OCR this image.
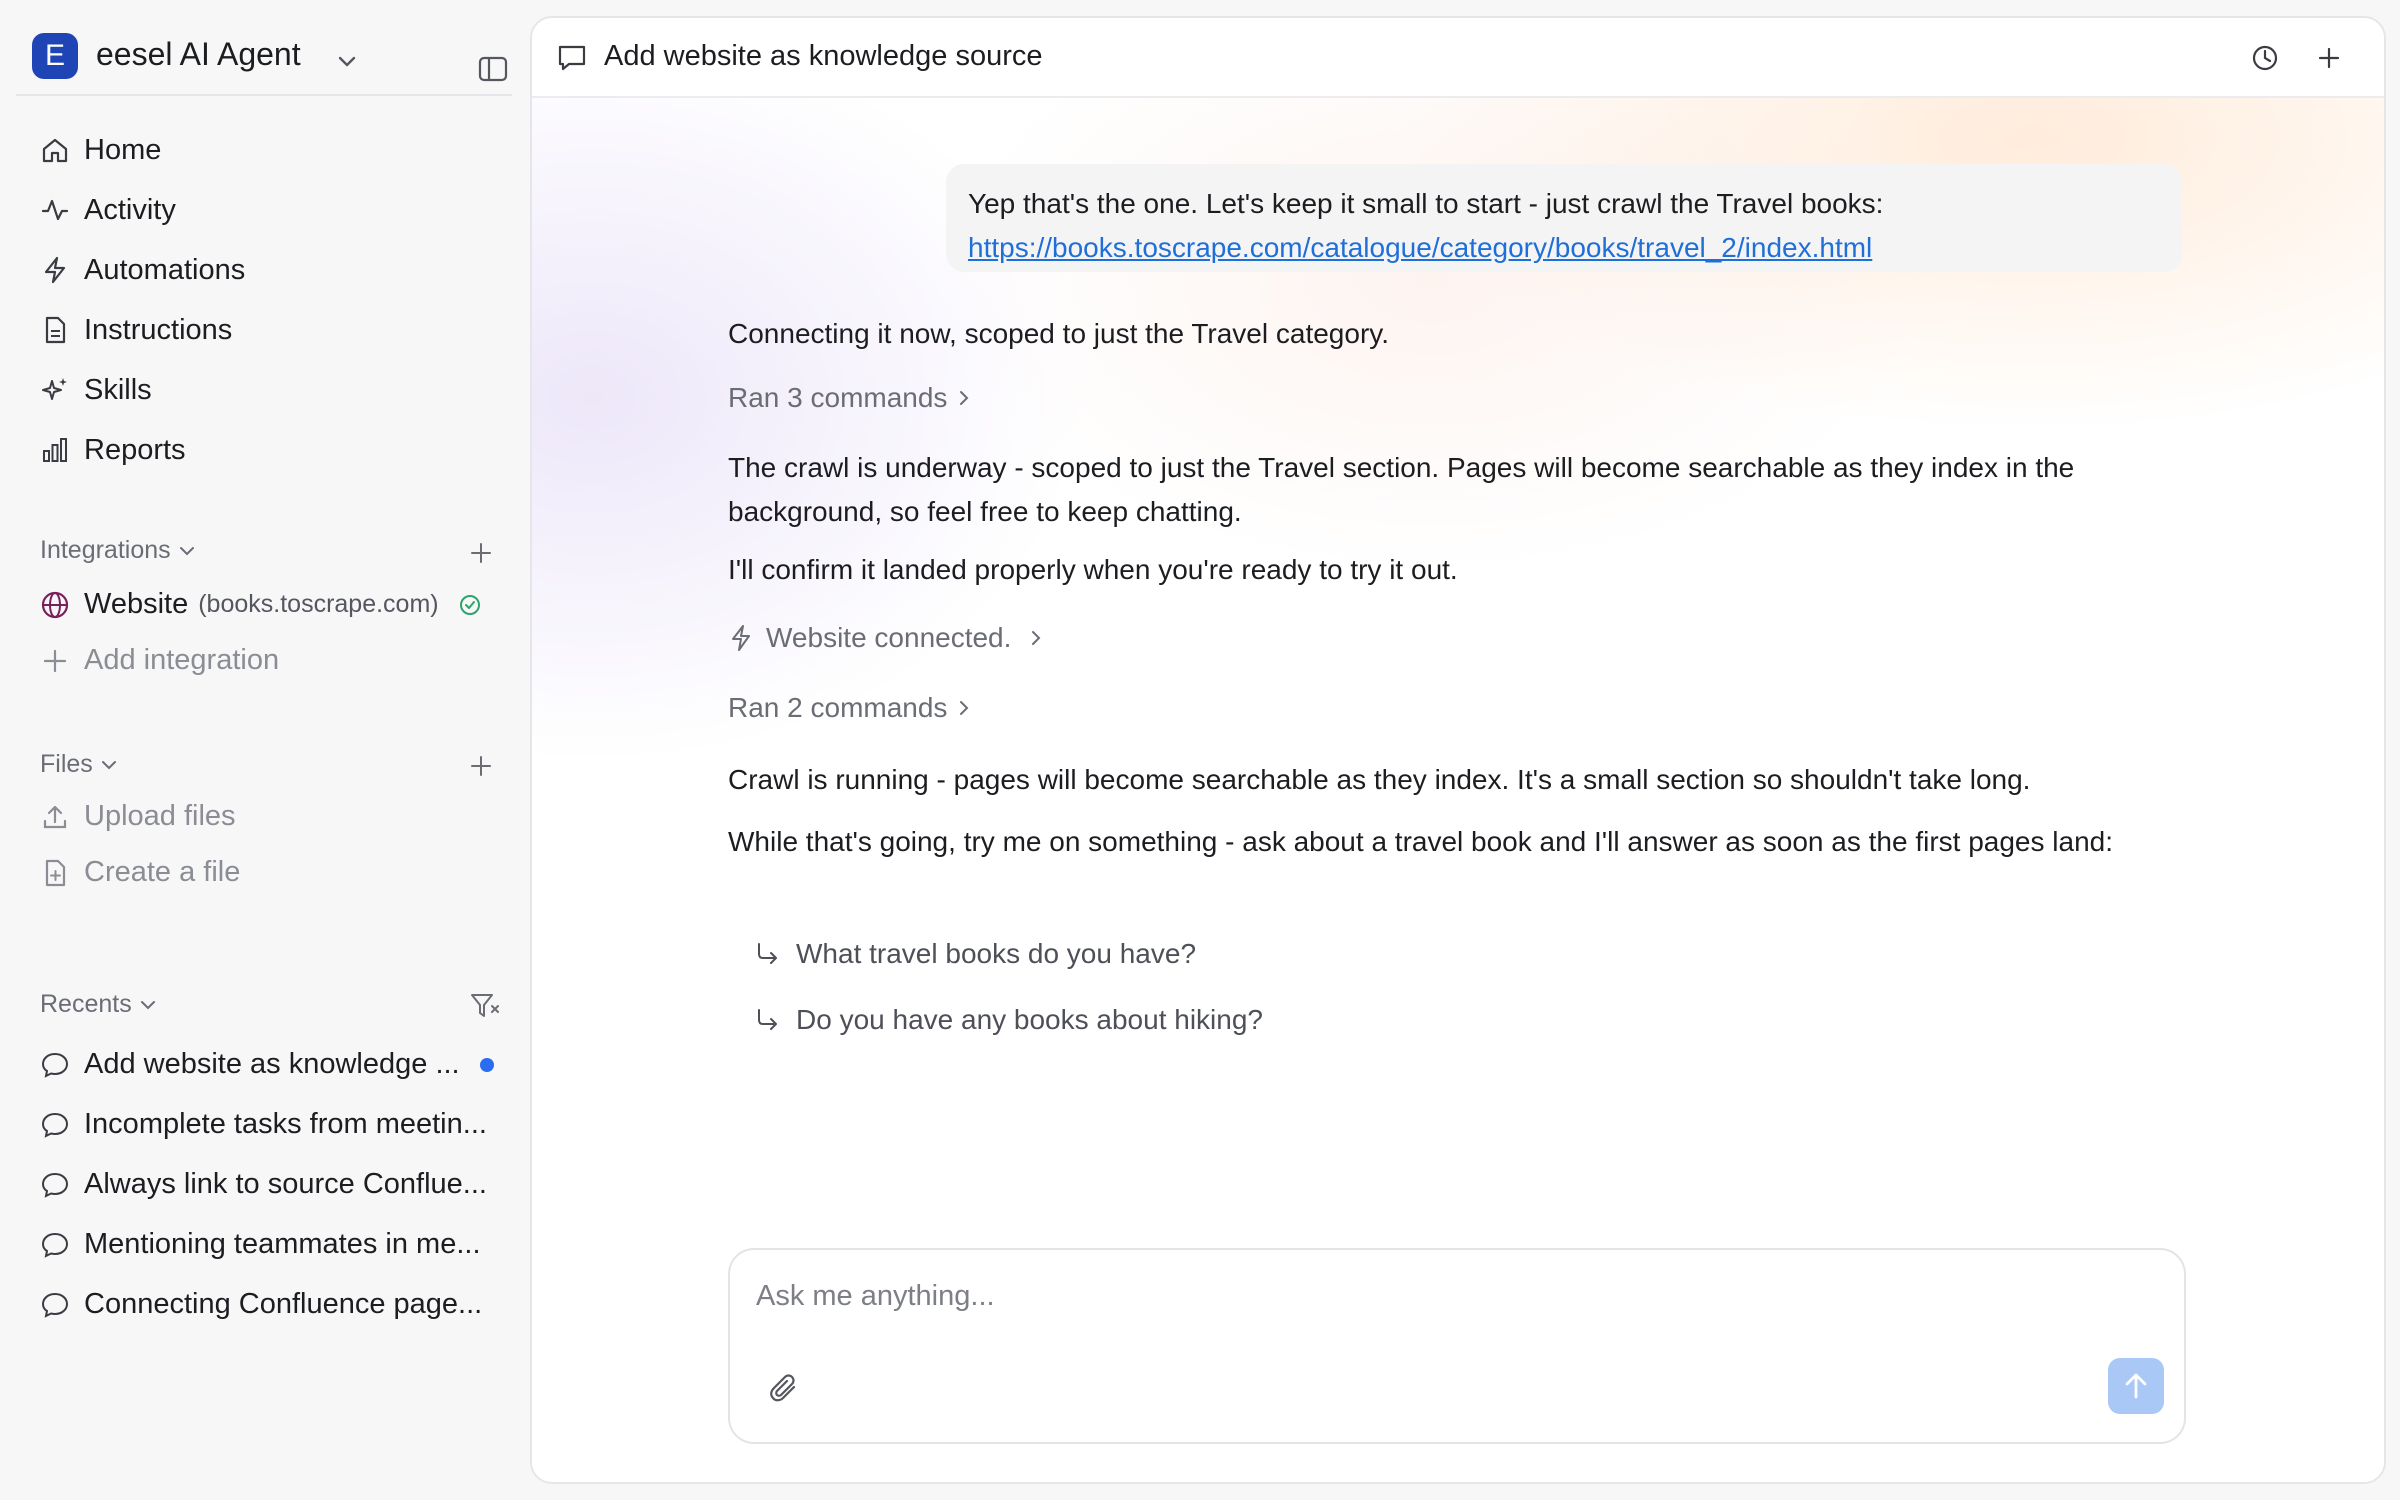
E eesel AI Agent
Home
Activity
Automations
Instructions
Skills
Reports
Integrations
Website (books.toscrape.com)
Add integration
Files
Upload files
Create a file
Recents
Add website as knowledge ...
Incomplete tasks from meetin...
Always link to source Conflue...
Mentioning teammates in me...
Connecting Confluence page...
Add website as knowledge source
Yep that's the one. Let's keep it small to start - just crawl the Travel books:
https://books.toscrape.com/catalogue/category/books/travel_2/index.html
Connecting it now, scoped to just the Travel category.
Ran 3 commands
The crawl is underway - scoped to just the Travel section. Pages will become searchable as they index in the background, so feel free to keep chatting.
I'll confirm it landed properly when you're ready to try it out.
Website connected.
Ran 2 commands
Crawl is running - pages will become searchable as they index. It's a small section so shouldn't take long.
While that's going, try me on something - ask about a travel book and I'll answer as soon as the first pages land:
What travel books do you have?
Do you have any books about hiking?
Ask me anything...
